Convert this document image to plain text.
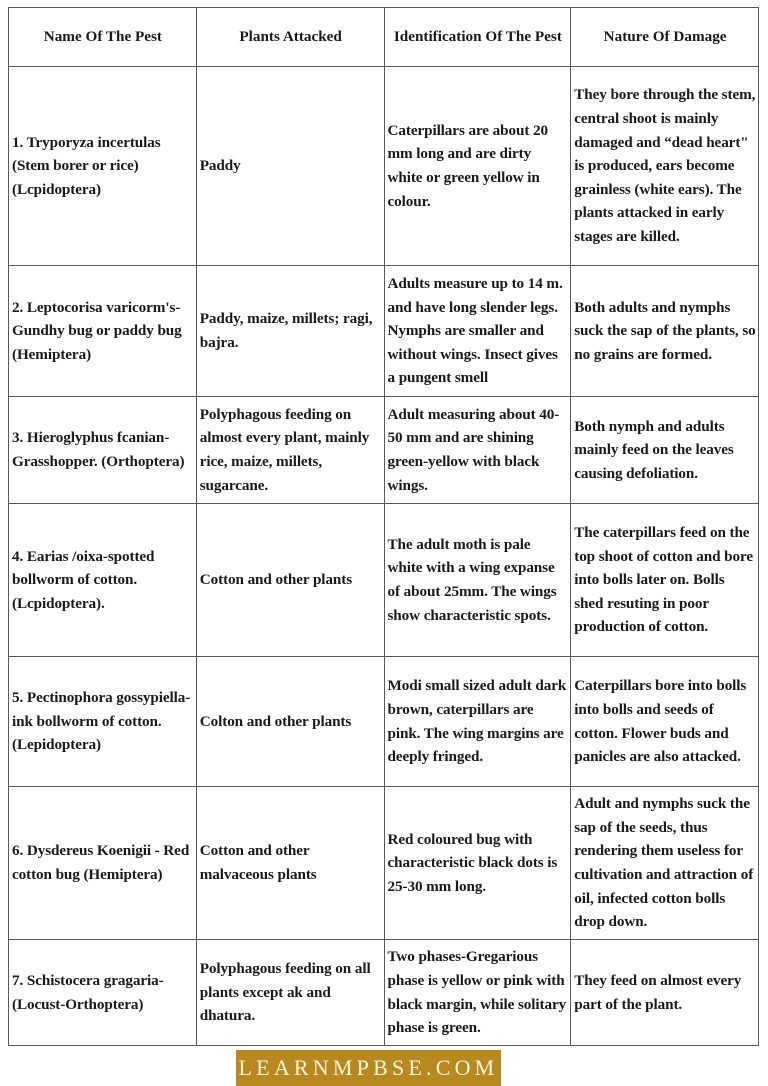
Name Of The Pest	Plants Attacked	Identification Of The Pest	Nature Of Damage
1. Tryporyza incertulas (Stem borer or rice) (Lcpidoptera)	Paddy	Caterpillars are about 20 mm long and are dirty white or green yellow in colour.	They bore through the stem, central shoot is mainly damaged and “dead heart" is produced, ears become grainless (white ears). The plants attacked in early stages are killed.
2. Leptocorisa varicorm's-Gundhy bug or paddy bug (Hemiptera)	Paddy, maize, millets; ragi, bajra.	Adults measure up to 14 m. and have long slender legs. Nymphs are smaller and without wings. Insect gives a pungent smell	Both adults and nymphs suck the sap of the plants, so no grains are formed.
3. Hieroglyphus fcanian-Grasshopper. (Orthoptera)	Polyphagous feeding on almost every plant, mainly rice, maize, millets, sugarcane.	Adult measuring about 40-50 mm and are shining green-yellow with black wings.	Both nymph and adults mainly feed on the leaves causing defoliation.
4. Earias /oixa-spotted bollworm of cotton. (Lcpidoptera).	Cotton and other plants	The adult moth is pale white with a wing expanse of about 25mm. The wings show characteristic spots.	The caterpillars feed on the top shoot of cotton and bore into bolls later on. Bolls shed resuting in poor production of cotton.
5. Pectinophora gossypiella-ink bollworm of cotton. (Lepidoptera)	Colton and other plants	Modi small sized adult dark brown, caterpillars are pink. The wing margins are deeply fringed.	Caterpillars bore into bolls into bolls and seeds of cotton. Flower buds and panicles are also attacked.
6. Dysdereus Koenigii - Red cotton bug (Hemiptera)	Cotton and other malvaceous plants	Red coloured bug with characteristic black dots is 25-30 mm long.	Adult and nymphs suck the sap of the seeds, thus rendering them useless for cultivation and attraction of oil, infected cotton bolls drop down.
7. Schistocera gragaria-(Locust-Orthoptera)	Polyphagous feeding on all plants except ak and dhatura.	Two phases-Gregarious phase is yellow or pink with black margin, while solitary phase is green.	They feed on almost every part of the plant.
LEARNMPBSE.COM
